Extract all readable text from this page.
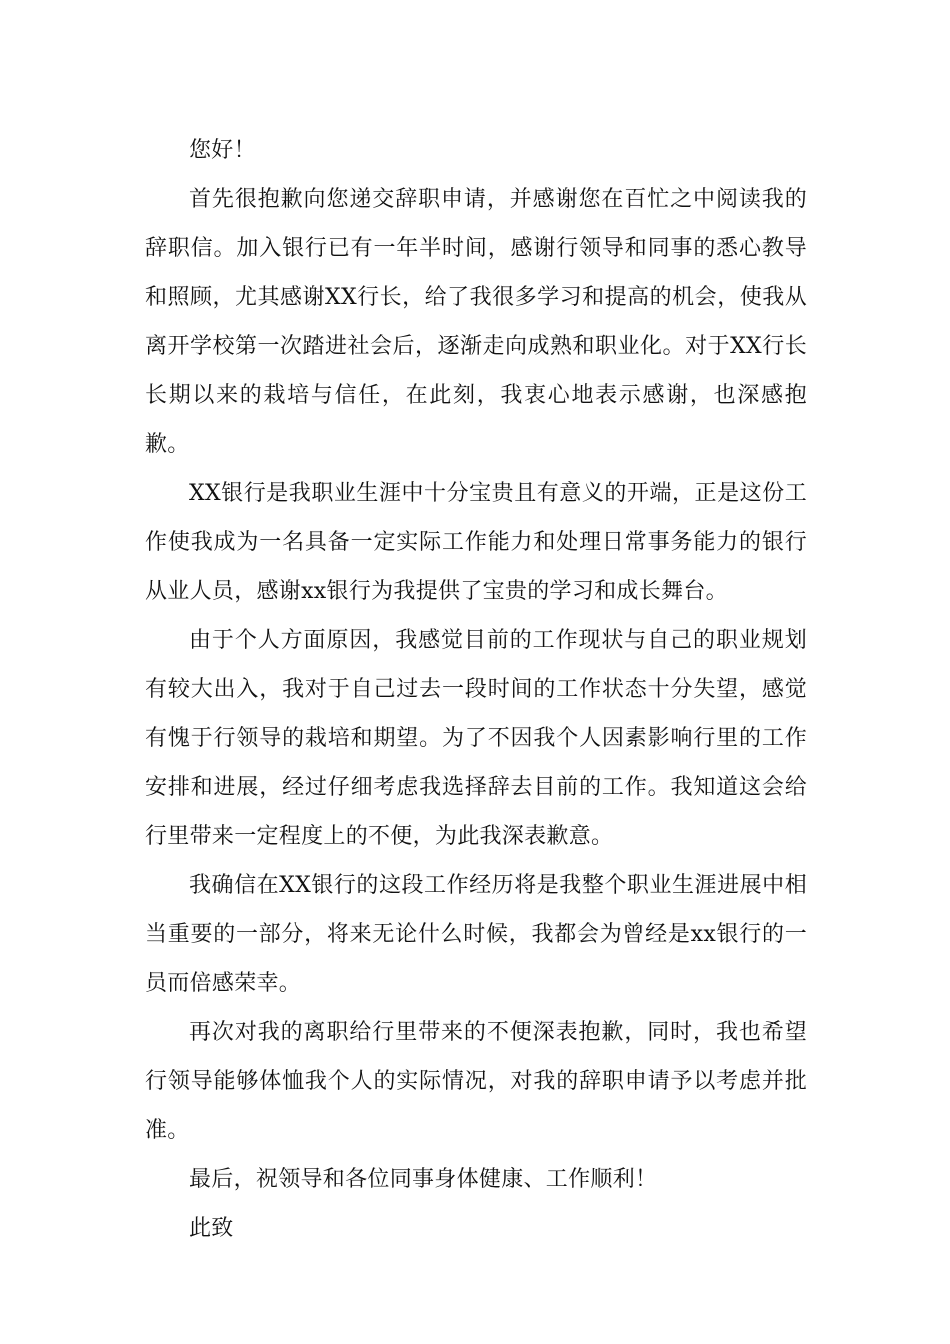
您好！

首先很抱歉向您递交辞职申请，并感谢您在百忙之中阅读我的辞职信。加入银行已有一年半时间，感谢行领导和同事的悉心教导和照顾，尤其感谢XX行长，给了我很多学习和提高的机会，使我从离开学校第一次踏进社会后，逐渐走向成熟和职业化。对于XX行长长期以来的栽培与信任，在此刻，我衷心地表示感谢，也深感抱歉。

XX银行是我职业生涯中十分宝贵且有意义的开端，正是这份工作使我成为一名具备一定实际工作能力和处理日常事务能力的银行从业人员，感谢xx银行为我提供了宝贵的学习和成长舞台。

由于个人方面原因，我感觉目前的工作现状与自己的职业规划有较大出入，我对于自己过去一段时间的工作状态十分失望，感觉有愧于行领导的栽培和期望。为了不因我个人因素影响行里的工作安排和进展，经过仔细考虑我选择辞去目前的工作。我知道这会给行里带来一定程度上的不便，为此我深表歉意。

我确信在XX银行的这段工作经历将是我整个职业生涯进展中相当重要的一部分，将来无论什么时候，我都会为曾经是xx银行的一员而倍感荣幸。

再次对我的离职给行里带来的不便深表抱歉，同时，我也希望行领导能够体恤我个人的实际情况，对我的辞职申请予以考虑并批准。

最后，祝领导和各位同事身体健康、工作顺利！

此致
